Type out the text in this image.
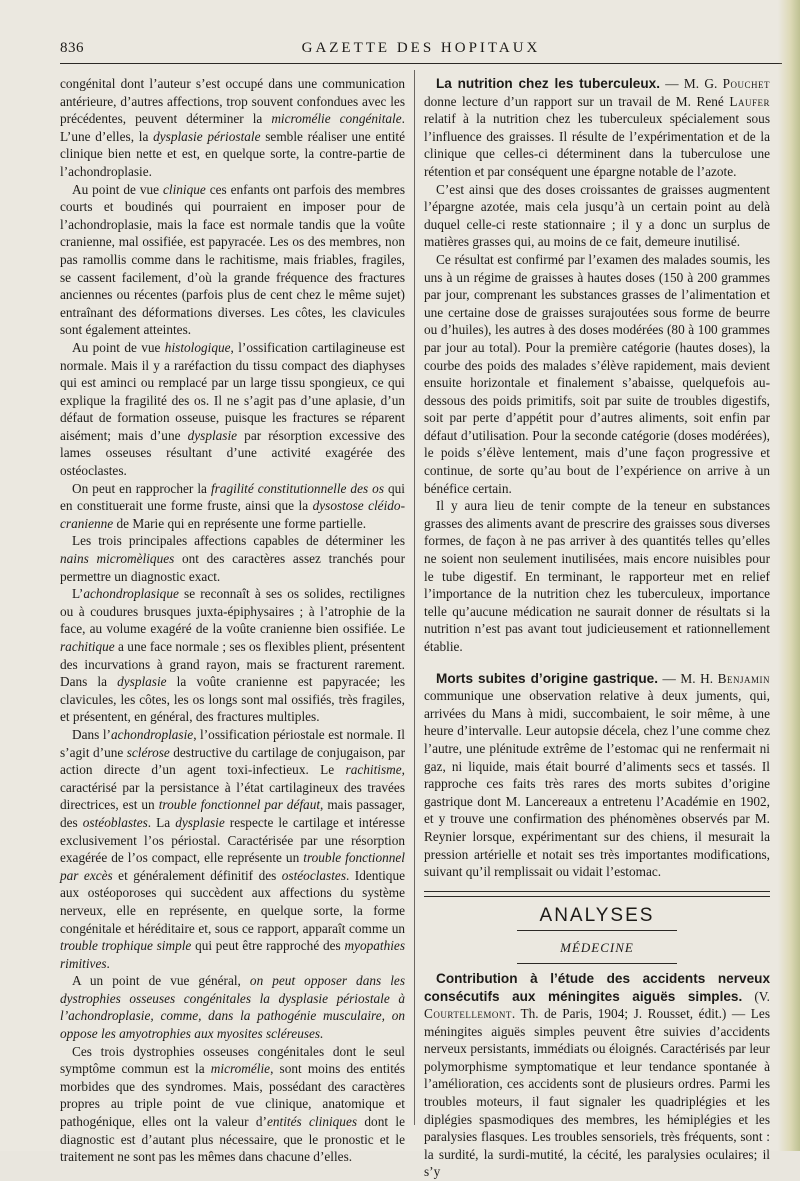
GAZETTE DES HOPITAUX
836

congénital dont l’auteur s’est occupé dans une communication antérieure, d’autres affections, trop souvent confondues avec les précédentes, peuvent déterminer la micromélie congénitale. L’une d’elles, la dysplasie périostale semble réaliser une entité clinique bien nette et est, en quelque sorte, la contre-partie de l’achondroplasie.

Au point de vue clinique ces enfants ont parfois des membres courts et boudinés qui pourraient en imposer pour de l’achondroplasie, mais la face est normale tandis que la voûte cranienne, mal ossifiée, est papyracée. Les os des membres, non pas ramollis comme dans le rachitisme, mais friables, fragiles, se cassent facilement, d’où la grande fréquence des fractures anciennes ou récentes (parfois plus de cent chez le même sujet) entraînant des déformations diverses. Les côtes, les clavicules sont également atteintes.

Au point de vue histologique, l’ossification cartilagineuse est normale. Mais il y a raréfaction du tissu compact des diaphyses qui est aminci ou remplacé par un large tissu spongieux, ce qui explique la fragilité des os. Il ne s’agit pas d’une aplasie, d’un défaut de formation osseuse, puisque les fractures se réparent aisément; mais d’une dysplasie par résorption excessive des lames osseuses résultant d’une activité exagérée des ostéoclastes.

On peut en rapprocher la fragilité constitutionnelle des os qui en constituerait une forme fruste, ainsi que la dysostose cléido-cranienne de Marie qui en représente une forme partielle.

Les trois principales affections capables de déterminer les nains micromèliques ont des caractères assez tranchés pour permettre un diagnostic exact.

L’achondroplasique se reconnaît à ses os solides, rectilignes ou à coudures brusques juxta-épiphysaires ; à l’atrophie de la face, au volume exagéré de la voûte cranienne bien ossifiée. Le rachitique a une face normale ; ses os flexibles plient, présentent des incurvations à grand rayon, mais se fracturent rarement. Dans la dysplasie la voûte cranienne est papyracée; les clavicules, les côtes, les os longs sont mal ossifiés, très fragiles, et présentent, en général, des fractures multiples.

Dans l’achondroplasie, l’ossification périostale est normale. Il s’agit d’une sclérose destructive du cartilage de conjugaison, par action directe d’un agent toxi-infectieux. Le rachitisme, caractérisé par la persistance à l’état cartilagineux des travées directrices, est un trouble fonctionnel par défaut, mais passager, des ostéoblastes. La dysplasie respecte le cartilage et intéresse exclusivement l’os périostal. Caractérisée par une résorption exagérée de l’os compact, elle représente un trouble fonctionnel par excès et généralement définitif des ostéoclastes. Identique aux ostéoporoses qui succèdent aux affections du système nerveux, elle en représente, en quelque sorte, la forme congénitale et héréditaire et, sous ce rapport, apparaît comme un trouble trophique simple qui peut être rapproché des myopathies rimitives.

A un point de vue général, on peut opposer dans les dystrophies osseuses congénitales la dysplasie périostale à l’achondroplasie, comme, dans la pathogénie musculaire, on oppose les amyotrophies aux myosites scléreuses.

Ces trois dystrophies osseuses congénitales dont le seul symptôme commun est la micromélie, sont moins des entités morbides que des syndromes. Mais, possédant des caractères propres au triple point de vue clinique, anatomique et pathogénique, elles ont la valeur d’entités cliniques dont le diagnostic est d’autant plus nécessaire, que le pronostic et le traitement ne sont pas les mêmes dans chacune d’elles.

La nutrition chez les tuberculeux. — M. G. Pouchet donne lecture d’un rapport sur un travail de M. René Laufer relatif à la nutrition chez les tuberculeux spécialement sous l’influence des graisses. Il résulte de l’expérimentation et de la clinique que celles-ci déterminent dans la tuberculose une rétention et par conséquent une épargne notable de l’azote.

C’est ainsi que des doses croissantes de graisses augmentent l’épargne azotée, mais cela jusqu’à un certain point au delà duquel celle-ci reste stationnaire ; il y a donc un surplus de matières grasses qui, au moins de ce fait, demeure inutilisé.

Ce résultat est confirmé par l’examen des malades soumis, les uns à un régime de graisses à hautes doses (150 à 200 grammes par jour, comprenant les substances grasses de l’alimentation et une certaine dose de graisses surajoutées sous forme de beurre ou d’huiles), les autres à des doses modérées (80 à 100 grammes par jour au total). Pour la première catégorie (hautes doses), la courbe des poids des malades s’élève rapidement, mais devient ensuite horizontale et finalement s’abaisse, quelquefois au-dessous des poids primitifs, soit par suite de troubles digestifs, soit par perte d’appétit pour d’autres aliments, soit enfin par défaut d’utilisation. Pour la seconde catégorie (doses modérées), le poids s’élève lentement, mais d’une façon progressive et continue, de sorte qu’au bout de l’expérience on arrive à un bénéfice certain.

Il y aura lieu de tenir compte de la teneur en substances grasses des aliments avant de prescrire des graisses sous diverses formes, de façon à ne pas arriver à des quantités telles qu’elles ne soient non seulement inutilisées, mais encore nuisibles pour le tube digestif. En terminant, le rapporteur met en relief l’importance de la nutrition chez les tuberculeux, importance telle qu’aucune médication ne saurait donner de résultats si la nutrition n’est pas avant tout judicieusement et rationnellement établie.

Morts subites d’origine gastrique. — M. H. Benjamin communique une observation relative à deux juments, qui, arrivées du Mans à midi, succombaient, le soir même, à une heure d’intervalle. Leur autopsie décela, chez l’une comme chez l’autre, une plénitude extrême de l’estomac qui ne renfermait ni gaz, ni liquide, mais était bourré d’aliments secs et tassés. Il rapproche ces faits très rares des morts subites d’origine gastrique dont M. Lancereaux a entretenu l’Académie en 1902, et y trouve une confirmation des phénomènes observés par M. Reynier lorsque, expérimentant sur des chiens, il mesurait la pression artérielle et notait ses très importantes modifications, suivant qu’il remplissait ou vidait l’estomac.

ANALYSES
MÉDECINE

Contribution à l’étude des accidents nerveux consécutifs aux méningites aiguës simples. (V. Courtellemont. Th. de Paris, 1904; J. Rousset, édit.) — Les méningites aiguës simples peuvent être suivies d’accidents nerveux persistants, immédiats ou éloignés. Caractérisés par leur polymorphisme symptomatique et leur tendance spontanée à l’amélioration, ces accidents sont de plusieurs ordres. Parmi les troubles moteurs, il faut signaler les quadriplégies et les diplégies spasmodiques des membres, les hémiplégies et les paralysies flasques. Les troubles sensoriels, très fréquents, sont : la surdité, la surdi-mutité, la cécité, les paralysies oculaires; il s’y
